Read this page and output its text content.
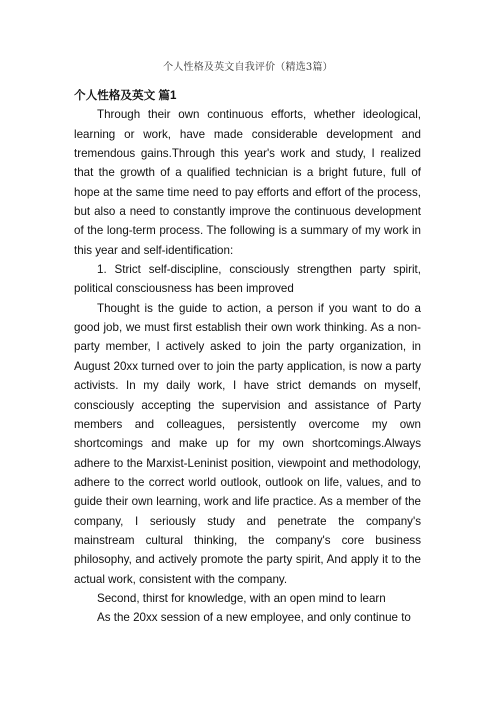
个人性格及英文自我评价（精选3篇）
个人性格及英文 篇1

Through their own continuous efforts, whether ideological, learning or work, have made considerable development and tremendous gains.Through this year's work and study, I realized that the growth of a qualified technician is a bright future, full of hope at the same time need to pay efforts and effort of the process, but also a need to constantly improve the continuous development of the long-term process. The following is a summary of my work in this year and self-identification:

1. Strict self-discipline, consciously strengthen party spirit, political consciousness has been improved

Thought is the guide to action, a person if you want to do a good job, we must first establish their own work thinking. As a non-party member, I actively asked to join the party organization, in August 20xx turned over to join the party application, is now a party activists. In my daily work, I have strict demands on myself, consciously accepting the supervision and assistance of Party members and colleagues, persistently overcome my own shortcomings and make up for my own shortcomings.Always adhere to the Marxist-Leninist position, viewpoint and methodology, adhere to the correct world outlook, outlook on life, values, and to guide their own learning, work and life practice. As a member of the company, I seriously study and penetrate the company's mainstream cultural thinking, the company's core business philosophy, and actively promote the party spirit, And apply it to the actual work, consistent with the company.

Second, thirst for knowledge, with an open mind to learn

As the 20xx session of a new employee, and only continue to
